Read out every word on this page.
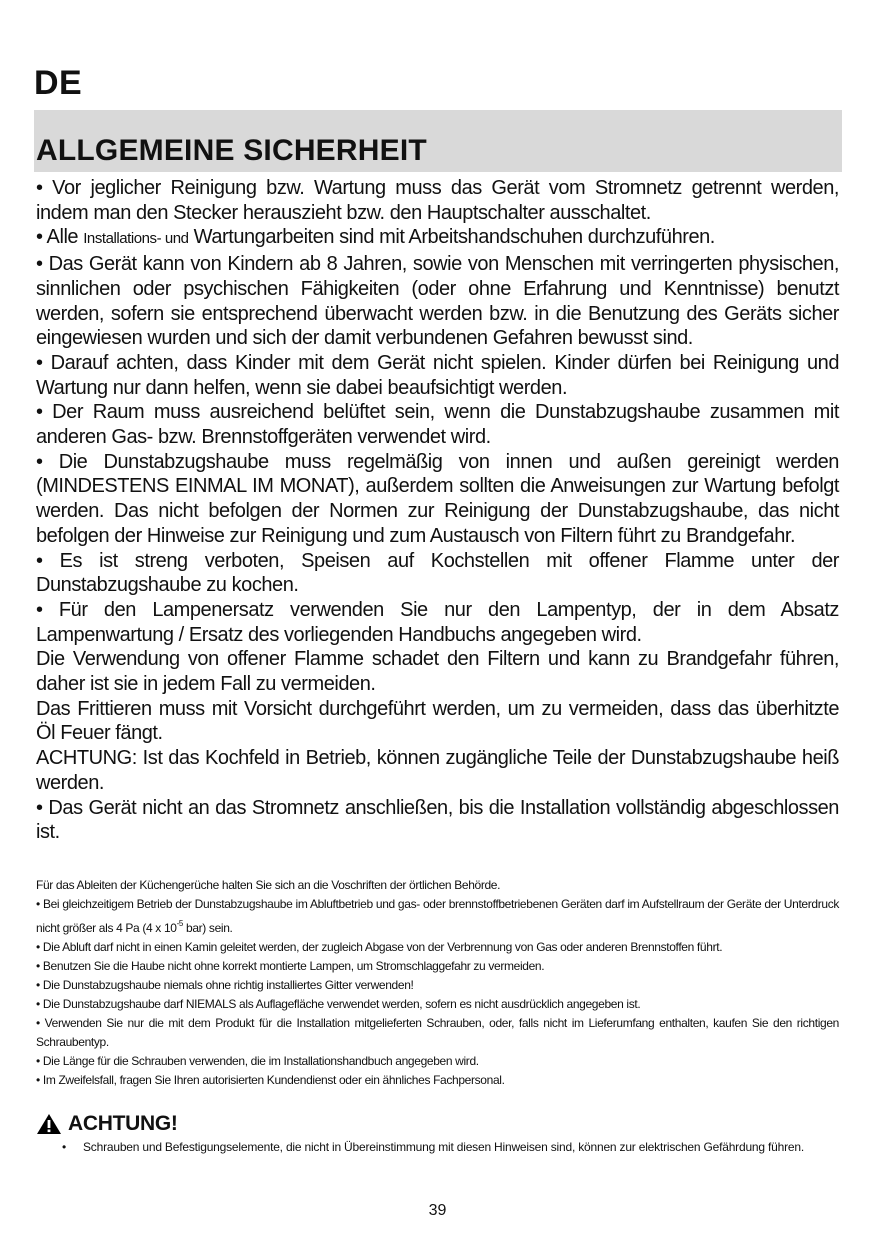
DE
ALLGEMEINE SICHERHEIT

• Vor jeglicher Reinigung bzw. Wartung muss das Gerät vom Stromnetz getrennt werden, indem man den Stecker herauszieht bzw. den Hauptschalter ausschaltet.

• Alle Installations- und Wartungarbeiten sind mit Arbeitshandschuhen durchzuführen.

• Das Gerät kann von Kindern ab 8 Jahren, sowie von Menschen mit verringerten physischen, sinnlichen oder psychischen Fähigkeiten (oder ohne Erfahrung und Kenntnisse) benutzt werden, sofern sie entsprechend überwacht werden bzw. in die Benutzung des Geräts sicher eingewiesen wurden und sich der damit verbundenen Gefahren bewusst sind.

• Darauf achten, dass Kinder mit dem Gerät nicht spielen. Kinder dürfen bei Reinigung und Wartung nur dann helfen, wenn sie dabei beaufsichtigt werden.

• Der Raum muss ausreichend belüftet sein, wenn die Dunstabzugshaube zusammen mit anderen Gas- bzw. Brennstoffgeräten verwendet wird.

• Die Dunstabzugshaube muss regelmäßig von innen und außen gereinigt werden (MINDESTENS EINMAL IM MONAT), außerdem sollten die Anweisungen zur Wartung befolgt werden. Das nicht befolgen der Normen zur Reinigung der Dunstabzugshaube, das nicht befolgen der Hinweise zur Reinigung und zum Austausch von Filtern führt zu Brandgefahr.

• Es ist streng verboten, Speisen auf Kochstellen mit offener Flamme unter der Dunstabzugshaube zu kochen.

• Für den Lampenersatz verwenden Sie nur den Lampentyp, der in dem Absatz Lampenwartung / Ersatz des vorliegenden Handbuchs angegeben wird.

Die Verwendung von offener Flamme schadet den Filtern und kann zu Brandgefahr führen, daher ist sie in jedem Fall zu vermeiden.

Das Frittieren muss mit Vorsicht durchgeführt werden, um zu vermeiden, dass das überhitzte Öl Feuer fängt.

ACHTUNG: Ist das Kochfeld in Betrieb, können zugängliche Teile der Dunstabzugshaube heiß werden.

• Das Gerät nicht an das Stromnetz anschließen, bis die Installation vollständig abgeschlossen ist.

Für das Ableiten der Küchengerüche halten Sie sich an die Voschriften der örtlichen Behörde.

• Bei gleichzeitigem Betrieb der Dunstabzugshaube im Abluftbetrieb und gas- oder brennstoffbetriebenen Geräten darf im Aufstellraum der Geräte der Unterdruck nicht größer als 4 Pa (4 x $10^{-5}$ bar) sein.

• Die Abluft darf nicht in einen Kamin geleitet werden, der zugleich Abgase von der Verbrennung von Gas oder anderen Brennstoffen führt.

• Benutzen Sie die Haube nicht ohne korrekt montierte Lampen, um Stromschlaggefahr zu vermeiden.

• Die Dunstabzugshaube niemals ohne richtig installiertes Gitter verwenden!

• Die Dunstabzugshaube darf NIEMALS als Auflagefläche verwendet werden, sofern es nicht ausdrücklich angegeben ist.

• Verwenden Sie nur die mit dem Produkt für die Installation mitgelieferten Schrauben, oder, falls nicht im Lieferumfang enthalten, kaufen Sie den richtigen Schraubentyp.

• Die Länge für die Schrauben verwenden, die im Installationshandbuch angegeben wird.

• Im Zweifelsfall, fragen Sie Ihren autorisierten Kundendienst oder ein ähnliches Fachpersonal.

ACHTUNG!
• Schrauben und Befestigungselemente, die nicht in Übereinstimmung mit diesen Hinweisen sind, können zur elektrischen Gefährdung führen.
39
